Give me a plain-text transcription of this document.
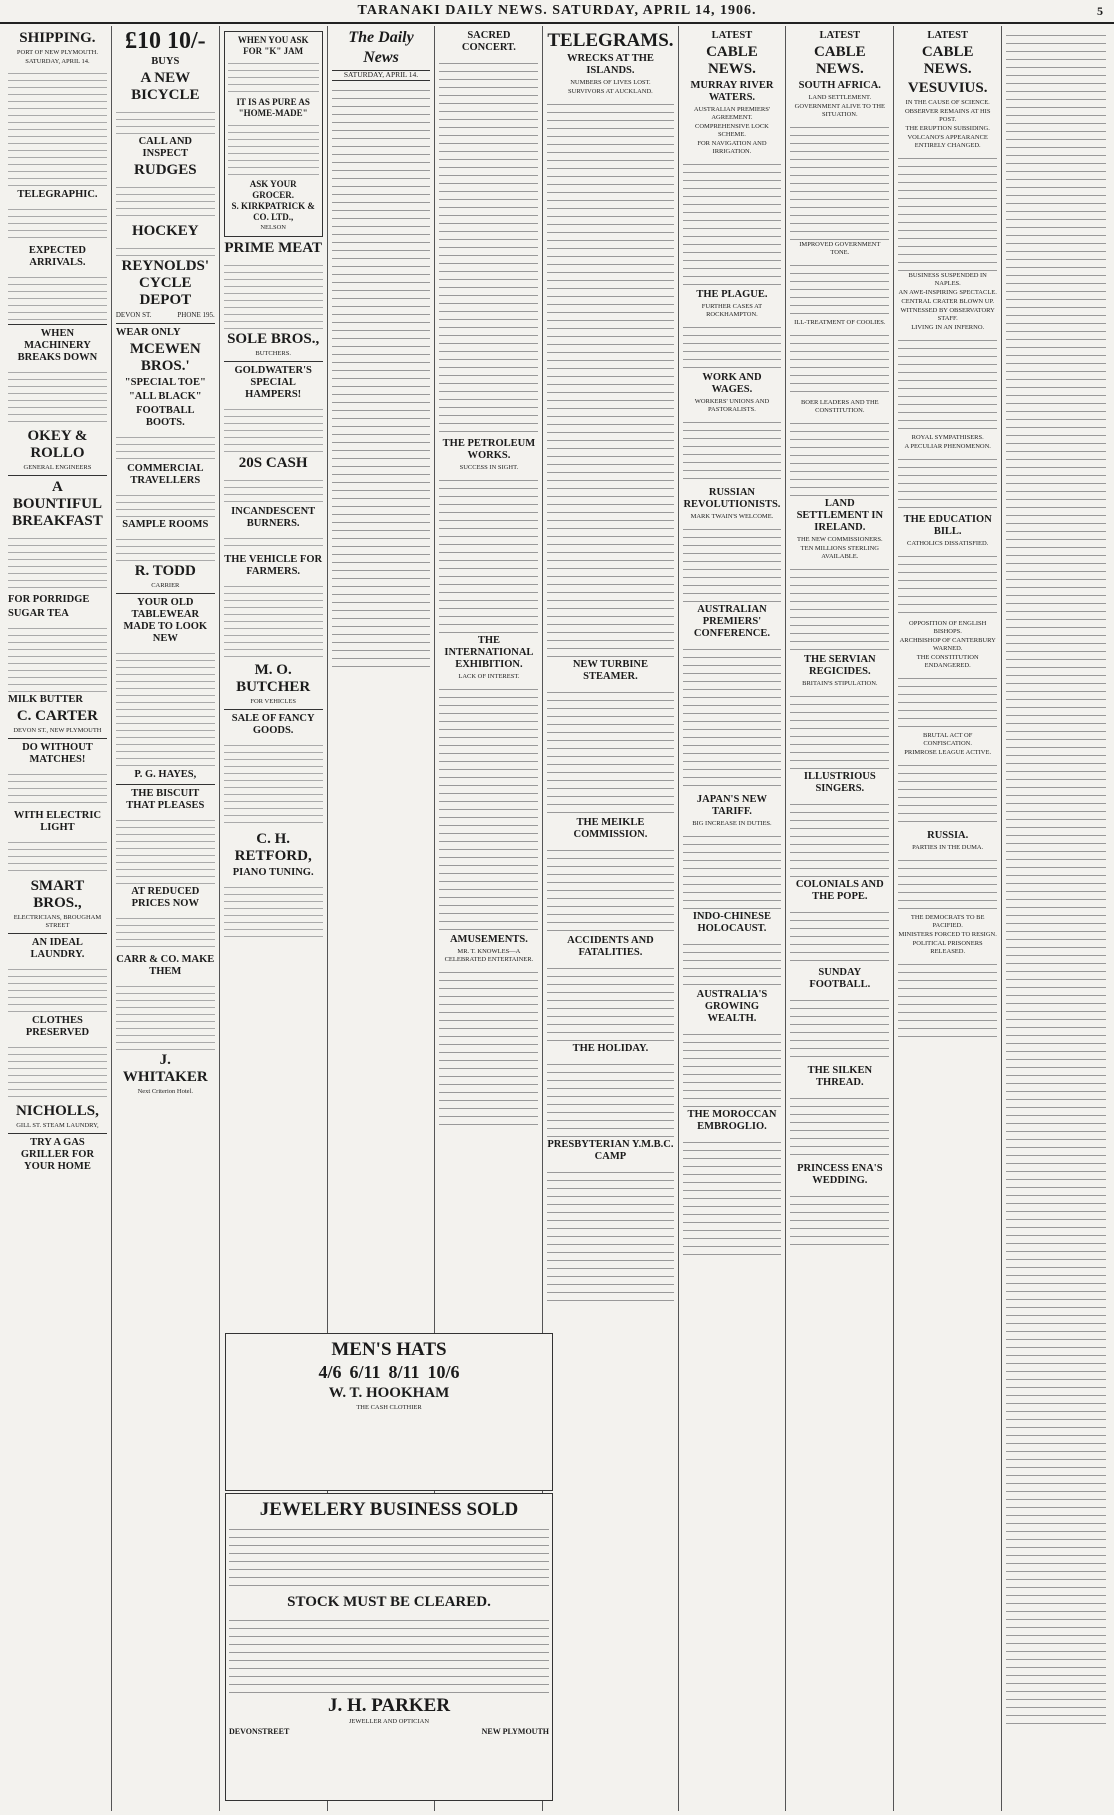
TARANAKI DAILY NEWS. SATURDAY, APRIL 14, 1906.	5
SHIPPING.
PORT OF NEW PLYMOUTH.
SATURDAY, APRIL 14.
TELEGRAPHIC.
EXPECTED ARRIVALS.
WHEN MACHINERY BREAKS DOWN
OKEY & ROLLO
GENERAL ENGINEERS
A BOUNTIFUL BREAKFAST
FOR PORRIDGE
SUGAR TEA
MILK BUTTER
C. CARTER
DEVON ST., NEW PLYMOUTH
DO WITHOUT MATCHES!
WITH ELECTRIC LIGHT
SMART BROS.,
ELECTRICIANS, BROUGHAM STREET
AN IDEAL LAUNDRY.
CLOTHES PRESERVED
NICHOLLS,
GILL ST. STEAM LAUNDRY,
TRY A GAS GRILLER FOR YOUR HOME
£10 10/-
BUYS
A NEW BICYCLE
CALL AND INSPECT
RUDGES
HOCKEY
REYNOLDS' CYCLE DEPOT
DEVON ST.	PHONE 195.
WEAR ONLY
MCEWEN BROS.'
"SPECIAL TOE"
"ALL BLACK"
FOOTBALL BOOTS.
COMMERCIAL TRAVELLERS
SAMPLE ROOMS
R. TODD
CARRIER
YOUR OLD TABLEWEAR MADE TO LOOK NEW
P. G. HAYES,
THE BISCUIT THAT PLEASES
AT REDUCED PRICES NOW
CARR & CO. MAKE THEM
J. WHITAKER
Next Criterion Hotel.
WHEN YOU ASK FOR "K" JAM
IT IS AS PURE AS "HOME-MADE"
ASK YOUR GROCER.
S. KIRKPATRICK & CO. LTD.,
NELSON
PRIME MEAT
SOLE BROS.,
BUTCHERS.
GOLDWATER'S SPECIAL HAMPERS!
20S CASH
INCANDESCENT BURNERS.
THE VEHICLE FOR FARMERS.
M. O. BUTCHER
FOR VEHICLES
SALE OF FANCY GOODS.
C. H. RETFORD,
PIANO TUNING.
The Daily News
SATURDAY, APRIL 14.
SACRED CONCERT.
THE PETROLEUM WORKS.
SUCCESS IN SIGHT.
THE INTERNATIONAL EXHIBITION.
LACK OF INTEREST.
AMUSEMENTS.
MR. T. KNOWLES—A CELEBRATED ENTERTAINER.
TELEGRAMS.
WRECKS AT THE ISLANDS.
NUMBERS OF LIVES LOST.
SURVIVORS AT AUCKLAND.
NEW TURBINE STEAMER.
THE MEIKLE COMMISSION.
ACCIDENTS AND FATALITIES.
THE HOLIDAY.
PRESBYTERIAN Y.M.B.C. CAMP
LATEST
CABLE NEWS.
MURRAY RIVER WATERS.
AUSTRALIAN PREMIERS' AGREEMENT.
COMPREHENSIVE LOCK SCHEME.
FOR NAVIGATION AND IRRIGATION.
THE PLAGUE.
FURTHER CASES AT ROCKHAMPTON.
WORK AND WAGES.
WORKERS' UNIONS AND PASTORALISTS.
RUSSIAN REVOLUTIONISTS.
MARK TWAIN'S WELCOME.
AUSTRALIAN PREMIERS' CONFERENCE.
JAPAN'S NEW TARIFF.
BIG INCREASE IN DUTIES.
INDO-CHINESE HOLOCAUST.
AUSTRALIA'S GROWING WEALTH.
THE MOROCCAN EMBROGLIO.
LATEST
CABLE NEWS.
SOUTH AFRICA.
LAND SETTLEMENT.
GOVERNMENT ALIVE TO THE SITUATION.
IMPROVED GOVERNMENT TONE.
ILL-TREATMENT OF COOLIES.
BOER LEADERS AND THE CONSTITUTION.
LAND SETTLEMENT IN IRELAND.
THE NEW COMMISSIONERS.
TEN MILLIONS STERLING AVAILABLE.
THE SERVIAN REGICIDES.
BRITAIN'S STIPULATION.
ILLUSTRIOUS SINGERS.
COLONIALS AND THE POPE.
SUNDAY FOOTBALL.
THE SILKEN THREAD.
PRINCESS ENA'S WEDDING.
LATEST
CABLE NEWS.
VESUVIUS.
IN THE CAUSE OF SCIENCE.
OBSERVER REMAINS AT HIS POST.
THE ERUPTION SUBSIDING.
VOLCANO'S APPEARANCE ENTIRELY CHANGED.
BUSINESS SUSPENDED IN NAPLES.
AN AWE-INSPIRING SPECTACLE.
CENTRAL CRATER BLOWN UP.
WITNESSED BY OBSERVATORY STAFF.
LIVING IN AN INFERNO.
ROYAL SYMPATHISERS.
A PECULIAR PHENOMENON.
THE EDUCATION BILL.
CATHOLICS DISSATISFIED.
OPPOSITION OF ENGLISH BISHOPS.
ARCHBISHOP OF CANTERBURY WARNED.
THE CONSTITUTION ENDANGERED.
BRUTAL ACT OF CONFISCATION.
PRIMROSE LEAGUE ACTIVE.
RUSSIA.
PARTIES IN THE DUMA.
THE DEMOCRATS TO BE PACIFIED.
MINISTERS FORCED TO RESIGN.
POLITICAL PRISONERS RELEASED.
MEN'S HATS
4/6 6/11 8/11 10/6
W. T. HOOKHAM
THE CASH CLOTHIER
JEWELERY BUSINESS SOLD
STOCK MUST BE CLEARED.
J. H. PARKER
JEWELLER AND OPTICIAN
DEVONSTREET	NEW PLYMOUTH
